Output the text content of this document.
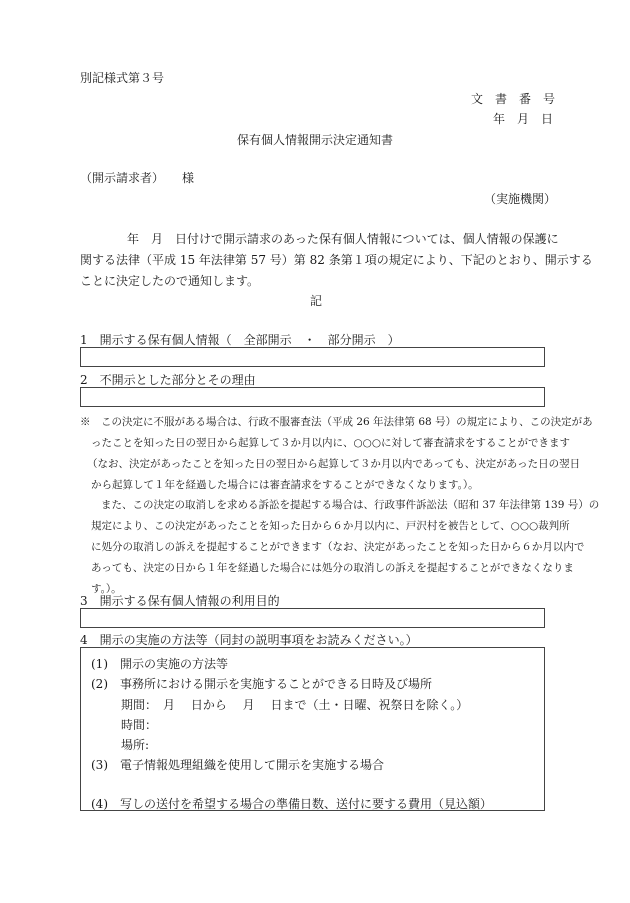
別記様式第３号
文　書　番　号
年　月　日
保有個人情報開示決定通知書
（開示請求者）　　様
（実施機関）
年　月　日付けで開示請求のあった保有個人情報については、個人情報の保護に
関する法律（平成 15 年法律第 57 号）第 82 条第１項の規定により、下記のとおり、開示する
ことに決定したので通知します。
記
1　開示する保有個人情報（　全部開示　・　部分開示　）
2　不開示とした部分とその理由
※　この決定に不服がある場合は、行政不服審査法（平成 26 年法律第 68 号）の規定により、この決定があ
ったことを知った日の翌日から起算して３か月以内に、○○○に対して審査請求をすることができます
（なお、決定があったことを知った日の翌日から起算して３か月以内であっても、決定があった日の翌日
から起算して１年を経過した場合には審査請求をすることができなくなります。）。
また、この決定の取消しを求める訴訟を提起する場合は、行政事件訴訟法（昭和 37 年法律第 139 号）の
規定により、この決定があったことを知った日から６か月以内に、戸沢村を被告として、○○○裁判所
に処分の取消しの訴えを提起することができます（なお、決定があったことを知った日から６か月以内で
あっても、決定の日から１年を経過した場合には処分の取消しの訴えを提起することができなくなりま
す。）。
3　開示する保有個人情報の利用目的
4　開示の実施の方法等（同封の説明事項をお読みください。）
(1)　開示の実施の方法等
(2)　事務所における開示を実施することができる日時及び場所
期間：　月　 日から　 月　 日まで（土・日曜、祝祭日を除く。）
時間：
場所:
(3)　電子情報処理組織を使用して開示を実施する場合
(4)　写しの送付を希望する場合の準備日数、送付に要する費用（見込額）
